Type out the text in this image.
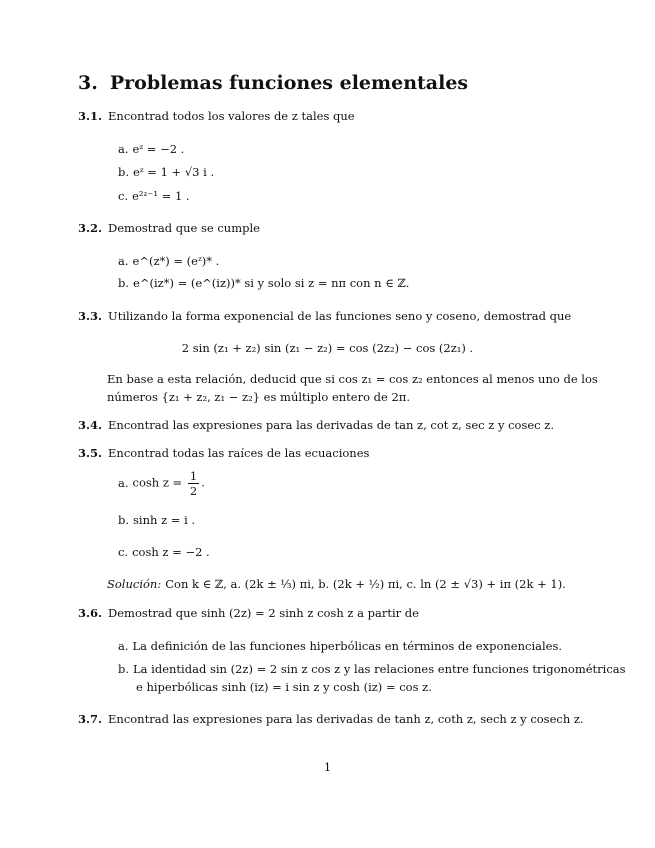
3. Problemas funciones elementales
3.1. Encontrad todos los valores de z tales que
a. eᶻ = −2 .
b. eᶻ = 1 + √3 i .
c. e²ᶻ⁻¹ = 1 .
3.2. Demostrad que se cumple
a. e^(z*) = (eᶻ)* .
b. e^(iz*) = (e^(iz))* si y solo si z = nπ con n ∈ ℤ.
3.3. Utilizando la forma exponencial de las funciones seno y coseno, demostrad que
2 sin (z₁ + z₂) sin (z₁ − z₂) = cos (2z₂) − cos (2z₁) .
En base a esta relación, deducid que si cos z₁ = cos z₂ entonces al menos uno de los
números {z₁ + z₂, z₁ − z₂} es múltiplo entero de 2π.
3.4. Encontrad las expresiones para las derivadas de tan z, cot z, sec z y cosec z.
3.5. Encontrad todas las raíces de las ecuaciones
a. $\cosh z = \frac{1}{2}$ .
b. sinh z = i .
c. cosh z = −2 .
Solución: Con k ∈ ℤ, a. (2k ± ⅓) πi, b. (2k + ½) πi, c. ln (2 ± √3) + iπ (2k + 1).
3.6. Demostrad que sinh (2z) = 2 sinh z cosh z a partir de
a. La definición de las funciones hiperbólicas en términos de exponenciales.
b. La identidad sin (2z) = 2 sin z cos z y las relaciones entre funciones trigonométricas
e hiperbólicas sinh (iz) = i sin z y cosh (iz) = cos z.
3.7. Encontrad las expresiones para las derivadas de tanh z, coth z, sech z y cosech z.
1
